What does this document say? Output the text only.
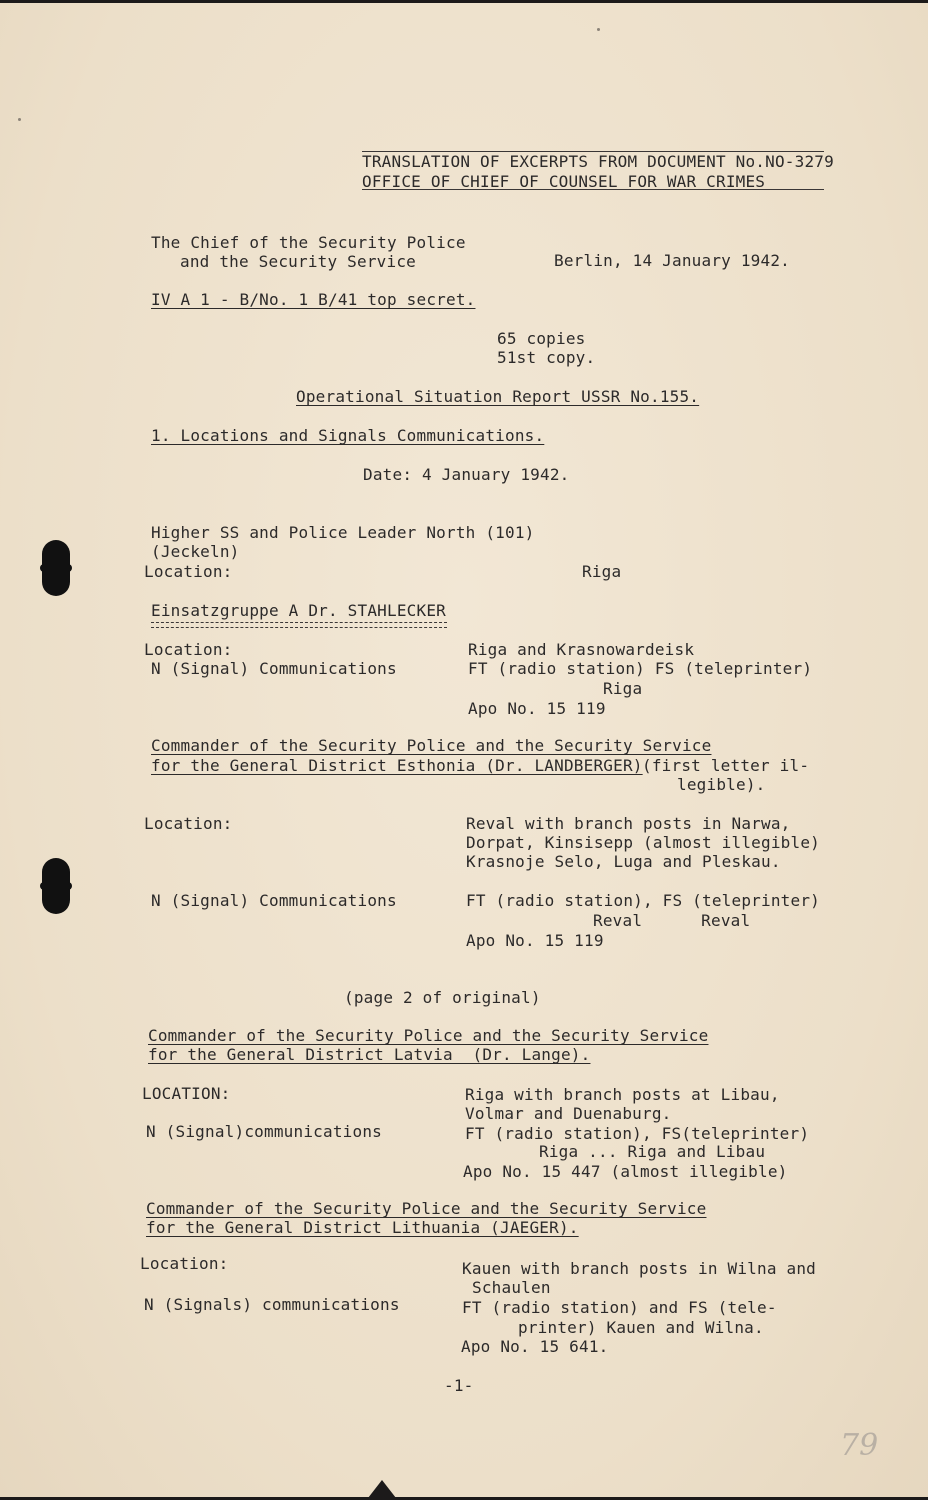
TRANSLATION OF EXCERPTS FROM DOCUMENT No.NO-3279
OFFICE OF CHIEF OF COUNSEL FOR WAR CRIMES
The Chief of the Security Police
and the Security Service	Berlin, 14 January 1942.
IV A 1 - B/No. 1 B/41 top secret.
65 copies
51st copy.
Operational Situation Report USSR No.155.
1. Locations and Signals Communications.
Date: 4 January 1942.
Higher SS and Police Leader North (101)
(Jeckeln)
Location:	Riga
Einsatzgruppe A Dr. STAHLECKER
Location:	Riga and Krasnowardeisk
N (Signal) Communications	FT (radio station) FS (teleprinter)
Riga
Apo No. 15 119
Commander of the Security Police and the Security Service
for the General District Esthonia (Dr. LANDBERGER) (first letter il-
legible).
Location:	Reval with branch posts in Narwa,
Dorpat, Kinsisepp (almost illegible)
Krasnoje Selo, Luga and Pleskau.
N (Signal) Communications	FT (radio station), FS (teleprinter)
Reval      Reval
Apo No. 15 119
(page 2 of original)
Commander of the Security Police and the Security Service
for the General District Latvia  (Dr. Lange).
LOCATION:	Riga with branch posts at Libau,
Volmar and Duenaburg.
N (Signal)communications	FT (radio station), FS(teleprinter)
Riga ... Riga and Libau
Apo No. 15 447 (almost illegible)
Commander of the Security Police and the Security Service
for the General District Lithuania (JAEGER).
Location:	Kauen with branch posts in Wilna and
Schaulen
N (Signals) communications	FT (radio station) and FS (tele-
printer) Kauen and Wilna.
Apo No. 15 641.
-1-
79
